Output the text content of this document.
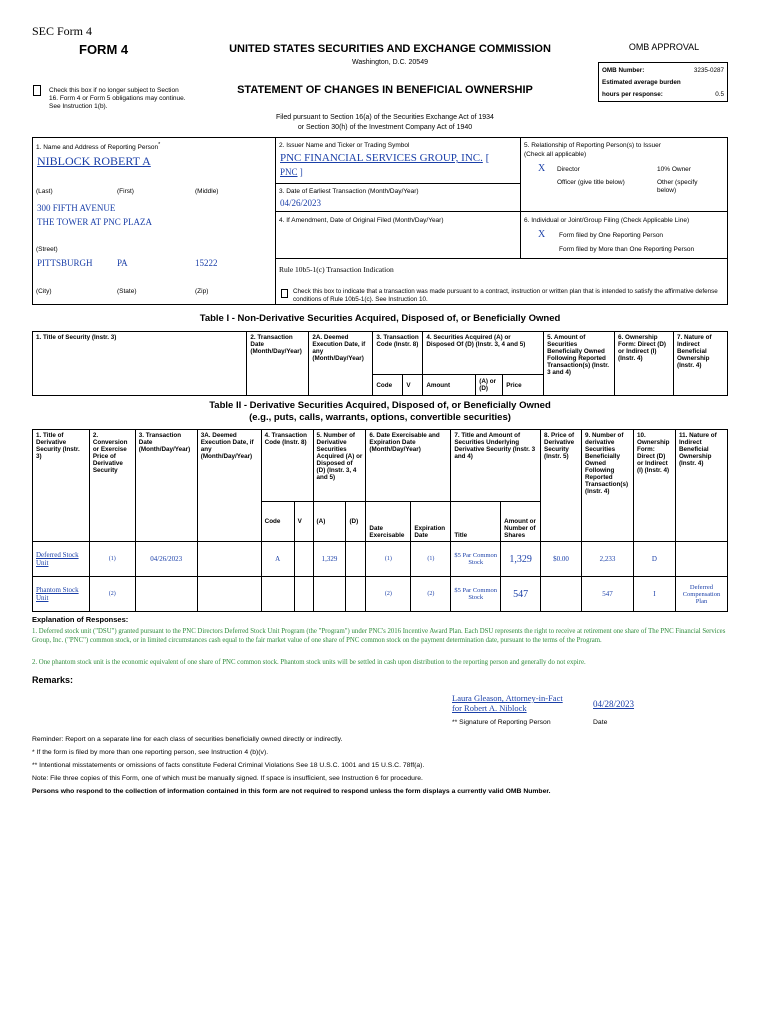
SEC Form 4
FORM 4	UNITED STATES SECURITIES AND EXCHANGE COMMISSION
Washington, D.C. 20549
Check this box if no longer subject to Section 16. Form 4 or Form 5 obligations may continue. See Instruction 1(b).
STATEMENT OF CHANGES IN BENEFICIAL OWNERSHIP
Filed pursuant to Section 16(a) of the Securities Exchange Act of 1934
or Section 30(h) of the Investment Company Act of 1940
OMB APPROVAL
OMB Number:	3235-0287
Estimated average burden
hours per response:	0.5
1. Name and Address of Reporting Person*
NIBLOCK ROBERT A
(Last)	(First)	(Middle)
300 FIFTH AVENUE
THE TOWER AT PNC PLAZA
(Street)
PITTSBURGH	PA	15222
(City)	(State)	(Zip)
2. Issuer Name and Ticker or Trading Symbol
PNC FINANCIAL SERVICES GROUP, INC. [
PNC ]
3. Date of Earliest Transaction (Month/Day/Year)
04/26/2023
4. If Amendment, Date of Original Filed (Month/Day/Year)
5. Relationship of Reporting Person(s) to Issuer
(Check all applicable)
X Director	10% Owner
Officer (give title below)	Other (specify below)
6. Individual or Joint/Group Filing (Check Applicable Line)
X Form filed by One Reporting Person
Form filed by More than One Reporting Person
Rule 10b5-1(c) Transaction Indication
Check this box to indicate that a transaction was made pursuant to a contract, instruction or written plan that is intended to satisfy the affirmative defense conditions of Rule 10b5-1(c). See Instruction 10.
Table I - Non-Derivative Securities Acquired, Disposed of, or Beneficially Owned
1. Title of Security (Instr. 3)	2. Transaction Date (Month/Day/Year)	2A. Deemed Execution Date, if any (Month/Day/Year)	3. Transaction Code (Instr. 8)		4. Securities Acquired (A) or Disposed Of (D) (Instr. 3, 4 and 5)			5. Amount of Securities Beneficially Owned Following Reported Transaction(s) (Instr. 3 and 4)	6. Ownership Form: Direct (D) or Indirect (I) (Instr. 4)	7. Nature of Indirect Beneficial Ownership (Instr. 4)
			Code	V	Amount	(A) or (D)	Price			
Table II - Derivative Securities Acquired, Disposed of, or Beneficially Owned
(e.g., puts, calls, warrants, options, convertible securities)
1. Title of Derivative Security (Instr. 3)	2. Conversion or Exercise Price of Derivative Security	3. Transaction Date (Month/Day/Year)	3A. Deemed Execution Date, if any (Month/Day/Year)	4. Transaction Code (Instr. 8)		5. Number of Derivative Securities Acquired (A) or Disposed of (D) (Instr. 3, 4 and 5)		6. Date Exercisable and Expiration Date (Month/Day/Year)		7. Title and Amount of Securities Underlying Derivative Security (Instr. 3 and 4)		8. Price of Derivative Security (Instr. 5)	9. Number of derivative Securities Beneficially Owned Following Reported Transaction(s) (Instr. 4)	10. Ownership Form: Direct (D) or Indirect (I) (Instr. 4)	11. Nature of Indirect Beneficial Ownership (Instr. 4)
				Code	V	(A)	(D)	Date Exercisable	Expiration Date	Title	Amount or Number of Shares				
Deferred Stock Unit	(1)	04/26/2023		A		1,329		(1)	(1)	$5 Par Common Stock	1,329	$0.00	2,233	D	
Phantom Stock Unit	(2)							(2)	(2)	$5 Par Common Stock	547		547	I	Deferred Compensation Plan
Explanation of Responses:
1. Deferred stock unit ("DSU") granted pursuant to the PNC Directors Deferred Stock Unit Program (the "Program") under PNC's 2016 Incentive Award Plan. Each DSU represents the right to receive at retirement one share of The PNC Financial Services Group, Inc. ("PNC") common stock, or in limited circumstances cash equal to the fair market value of one share of PNC common stock on the payment determination date, pursuant to the terms of the Program.
2. One phantom stock unit is the economic equivalent of one share of PNC common stock. Phantom stock units will be settled in cash upon distribution to the reporting person and generally do not expire.
Remarks:
Laura Gleason, Attorney-in-Fact
for Robert A. Niblock	04/28/2023
** Signature of Reporting Person	Date
Reminder: Report on a separate line for each class of securities beneficially owned directly or indirectly.
* If the form is filed by more than one reporting person, see Instruction 4 (b)(v).
** Intentional misstatements or omissions of facts constitute Federal Criminal Violations See 18 U.S.C. 1001 and 15 U.S.C. 78ff(a).
Note: File three copies of this Form, one of which must be manually signed. If space is insufficient, see Instruction 6 for procedure.
Persons who respond to the collection of information contained in this form are not required to respond unless the form displays a currently valid OMB Number.
